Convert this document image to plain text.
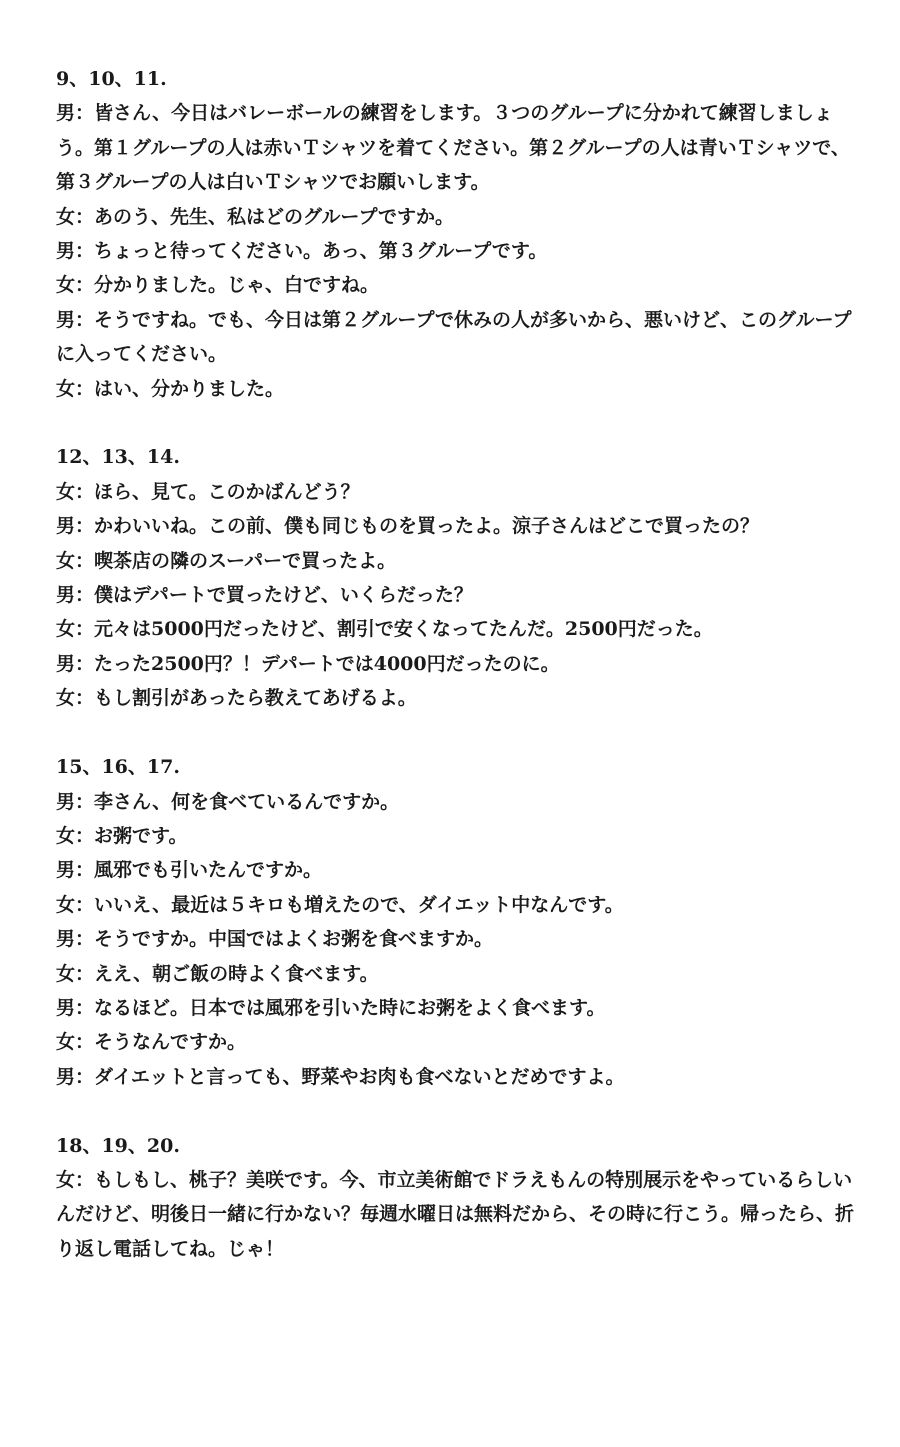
9、10、11.
男：皆さん、今日はバレーボールの練習をします。３つのグループに分かれて練習しましょう。第１グループの人は赤いＴシャツを着てください。第２グループの人は青いＴシャツで、第３グループの人は白いＴシャツでお願いします。
女：あのう、先生、私はどのグループですか。
男：ちょっと待ってください。あっ、第３グループです。
女：分かりました。じゃ、白ですね。
男：そうですね。でも、今日は第２グループで休みの人が多いから、悪いけど、このグループに入ってください。
女：はい、分かりました。
12、13、14.
女：ほら、見て。このかばんどう？
男：かわいいね。この前、僕も同じものを買ったよ。涼子さんはどこで買ったの？
女：喫茶店の隣のスーパーで買ったよ。
男：僕はデパートで買ったけど、いくらだった？
女：元々は5000円だったけど、割引で安くなってたんだ。2500円だった。
男：たった2500円？！デパートでは4000円だったのに。
女：もし割引があったら教えてあげるよ。
15、16、17.
男：李さん、何を食べているんですか。
女：お粥です。
男：風邪でも引いたんですか。
女：いいえ、最近は５キロも増えたので、ダイエット中なんです。
男：そうですか。中国ではよくお粥を食べますか。
女：ええ、朝ご飯の時よく食べます。
男：なるほど。日本では風邪を引いた時にお粥をよく食べます。
女：そうなんですか。
男：ダイエットと言っても、野菜やお肉も食べないとだめですよ。
18、19、20.
女：もしもし、桃子？美咲です。今、市立美術館でドラえもんの特別展示をやっているらしいんだけど、明後日一緒に行かない？毎週水曜日は無料だから、その時に行こう。帰ったら、折り返し電話してね。じゃ！
